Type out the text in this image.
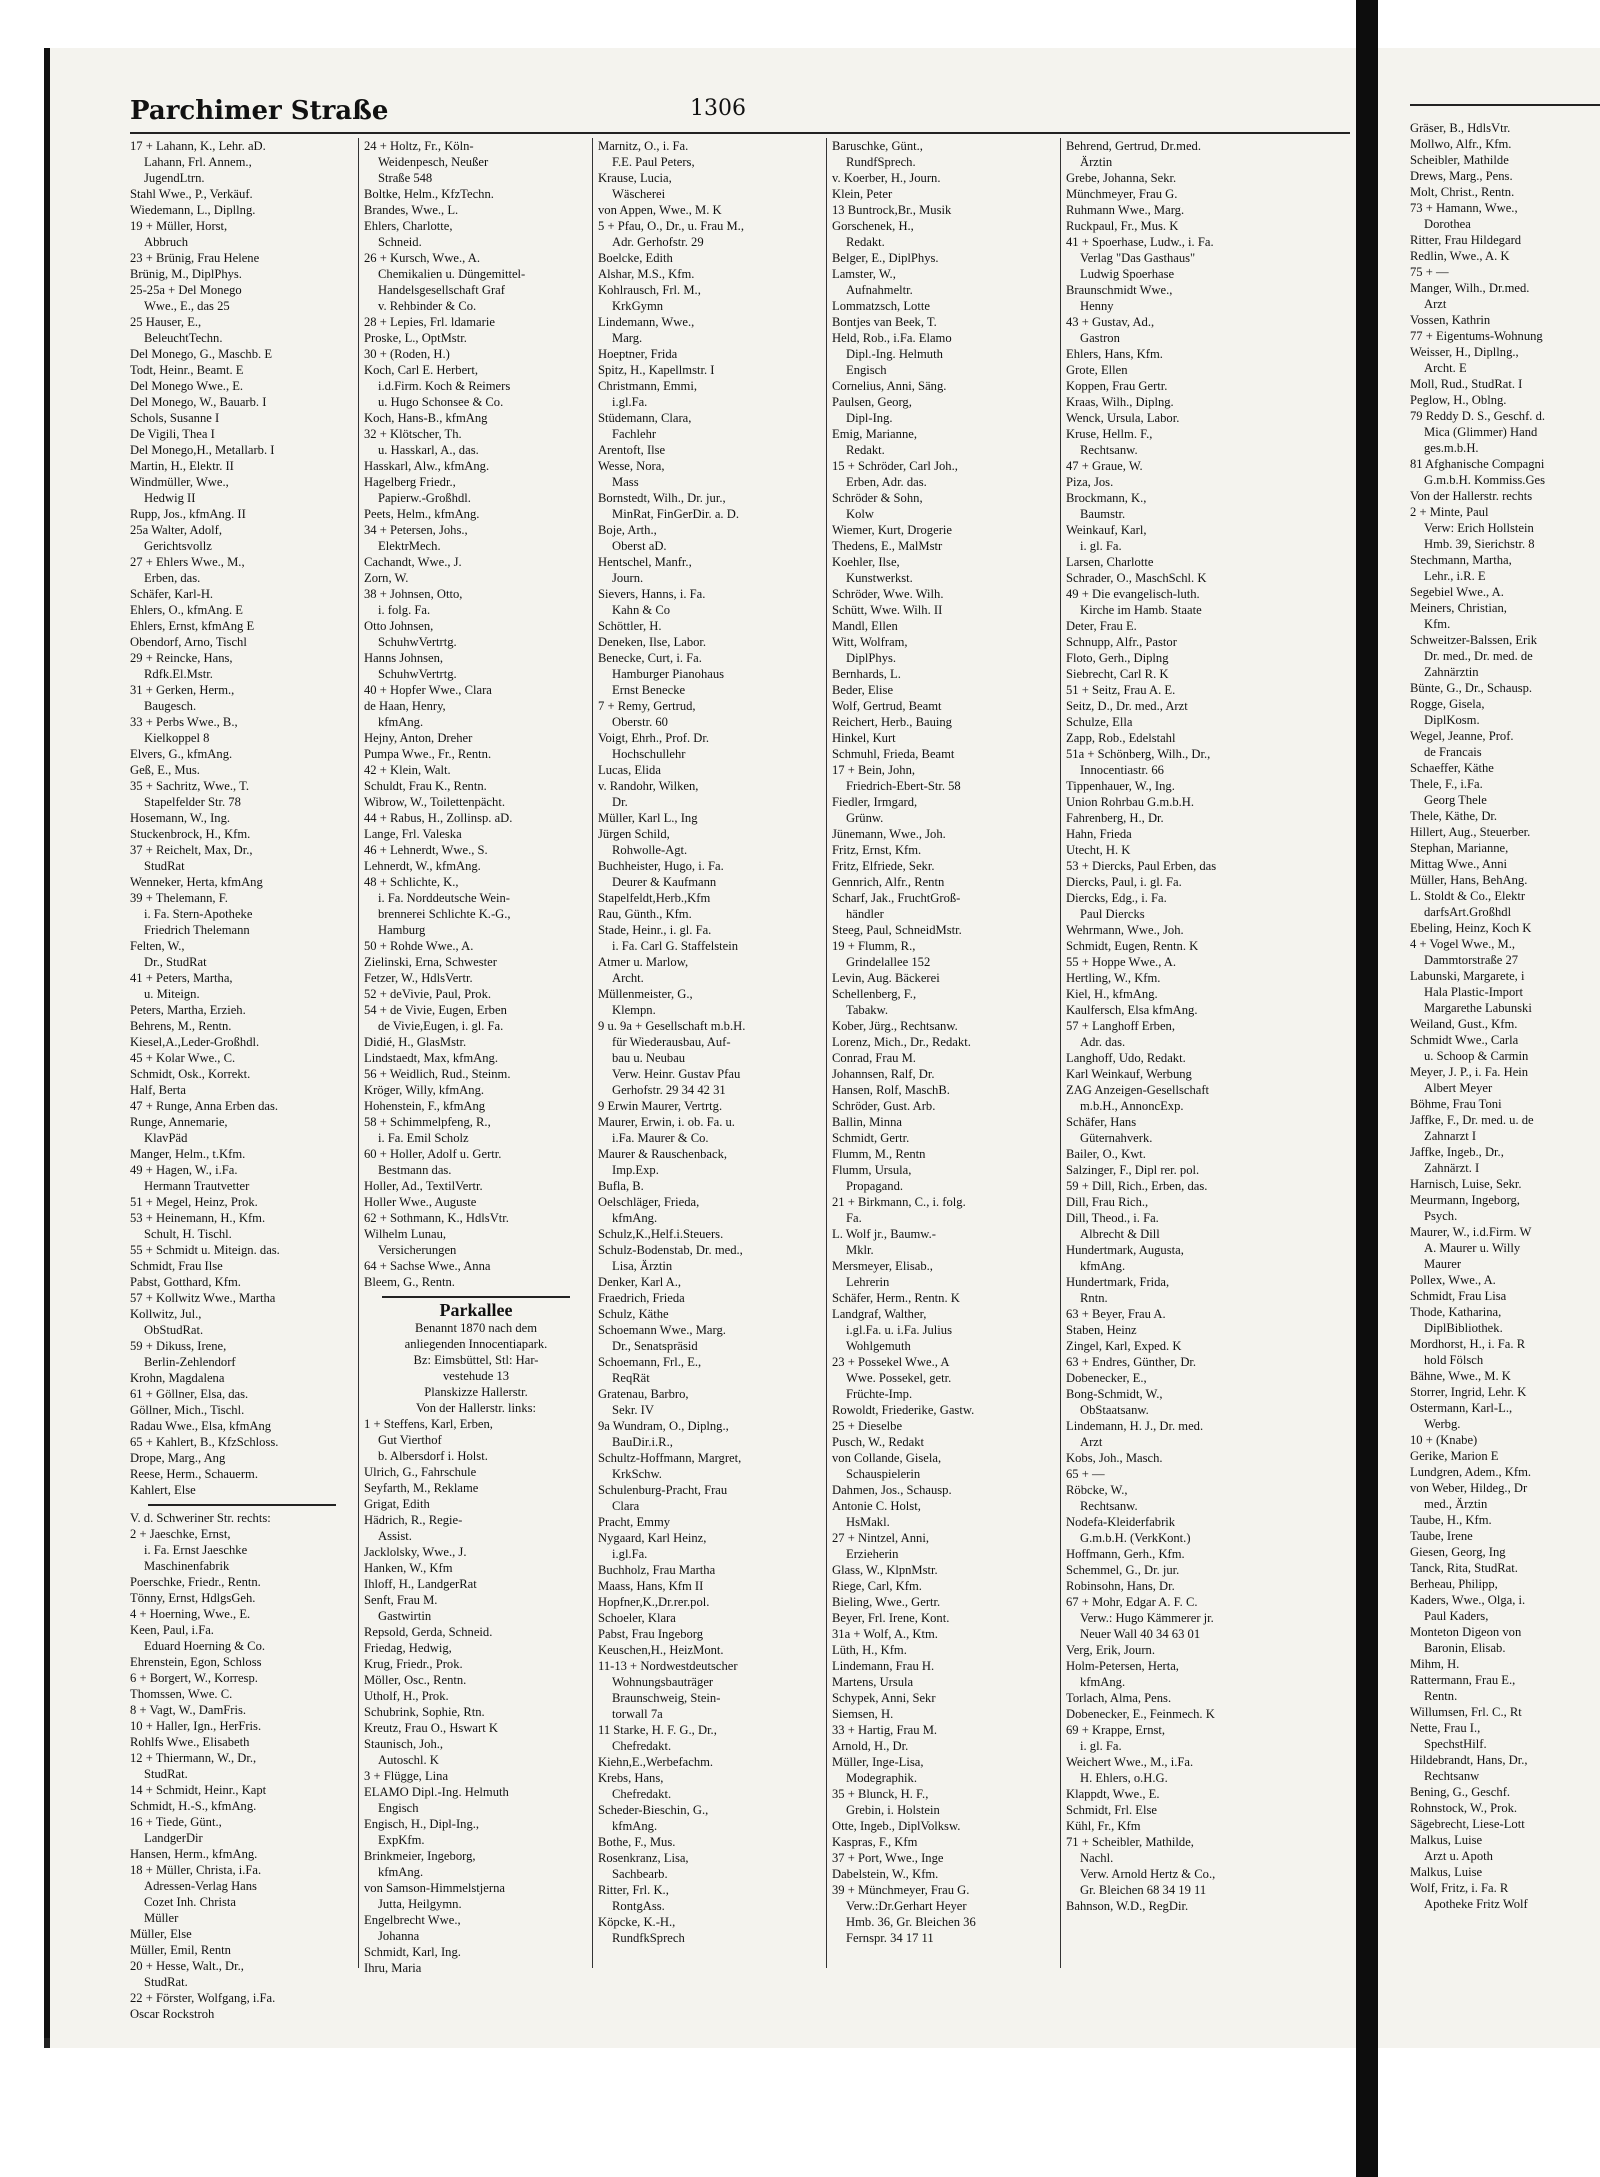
Parchimer Straße	1306
17 + Lahann, K., Lehr. aD.
Lahann, Frl. Annem.,
JugendLtrn.
Stahl Wwe., P., Verkäuf.
Wiedemann, L., Dipllng.
19 + Müller, Horst,
Abbruch
23 + Brünig, Frau Helene
Brünig, M., DiplPhys.
25-25a + Del Monego
Wwe., E., das 25
25 Hauser, E.,
BeleuchtTechn.
Del Monego, G., Maschb. E
Todt, Heinr., Beamt. E
Del Monego Wwe., E.
Del Monego, W., Bauarb. I
Schols, Susanne I
De Vigili, Thea I
Del Monego,H., Metallarb. I
Martin, H., Elektr. II
Windmüller, Wwe.,
Hedwig II
Rupp, Jos., kfmAng. II
25a Walter, Adolf,
Gerichtsvollz
27 + Ehlers Wwe., M.,
Erben, das.
Schäfer, Karl-H.
Ehlers, O., kfmAng. E
Ehlers, Ernst, kfmAng E
Obendorf, Arno, Tischl
29 + Reincke, Hans,
Rdfk.El.Mstr.
31 + Gerken, Herm.,
Baugesch.
33 + Perbs Wwe., B.,
Kielkoppel 8
Elvers, G., kfmAng.
Geß, E., Mus.
35 + Sachritz, Wwe., T.
Stapelfelder Str. 78
Hosemann, W., Ing.
Stuckenbrock, H., Kfm.
37 + Reichelt, Max, Dr.,
StudRat
Wenneker, Herta, kfmAng
39 + Thelemann, F.
i. Fa. Stern-Apotheke
Friedrich Thelemann
Felten, W.,
Dr., StudRat
41 + Peters, Martha,
u. Miteign.
Peters, Martha, Erzieh.
Behrens, M., Rentn.
Kiesel,A.,Leder-Großhdl.
45 + Kolar Wwe., C.
Schmidt, Osk., Korrekt.
Half, Berta
47 + Runge, Anna Erben das.
Runge, Annemarie,
KlavPäd
Manger, Helm., t.Kfm.
49 + Hagen, W., i.Fa.
Hermann Trautvetter
51 + Megel, Heinz, Prok.
53 + Heinemann, H., Kfm.
Schult, H. Tischl.
55 + Schmidt u. Miteign. das.
Schmidt, Frau Ilse
Pabst, Gotthard, Kfm.
57 + Kollwitz Wwe., Martha
Kollwitz, Jul.,
ObStudRat.
59 + Dikuss, Irene,
Berlin-Zehlendorf
Krohn, Magdalena
61 + Göllner, Elsa, das.
Göllner, Mich., Tischl.
Radau Wwe., Elsa, kfmAng
65 + Kahlert, B., KfzSchloss.
Drope, Marg., Ang
Reese, Herm., Schauerm.
Kahlert, Else
V. d. Schweriner Str. rechts:
2 + Jaeschke, Ernst,
i. Fa. Ernst Jaeschke
Maschinenfabrik
Poerschke, Friedr., Rentn.
Tönny, Ernst, HdlgsGeh.
4 + Hoerning, Wwe., E.
Keen, Paul, i.Fa.
Eduard Hoerning & Co.
Ehrenstein, Egon, Schloss
6 + Borgert, W., Korresp.
Thomssen, Wwe. C.
8 + Vagt, W., DamFris.
10 + Haller, Ign., HerFris.
Rohlfs Wwe., Elisabeth
12 + Thiermann, W., Dr.,
StudRat.
14 + Schmidt, Heinr., Kapt
Schmidt, H.-S., kfmAng.
16 + Tiede, Günt.,
LandgerDir
Hansen, Herm., kfmAng.
18 + Müller, Christa, i.Fa.
Adressen-Verlag Hans
Cozet Inh. Christa
Müller
Müller, Else
Müller, Emil, Rentn
20 + Hesse, Walt., Dr.,
StudRat.
22 + Förster, Wolfgang, i.Fa.
Oscar Rockstroh
24 + Holtz, Fr., Köln-
Weidenpesch, Neußer
Straße 548
Boltke, Helm., KfzTechn.
Brandes, Wwe., L.
Ehlers, Charlotte,
Schneid.
26 + Kursch, Wwe., A.
Chemikalien u. Düngemittel-
Handelsgesellschaft Graf
v. Rehbinder & Co.
28 + Lepies, Frl. ldamarie
Proske, L., OptMstr.
30 + (Roden, H.)
Koch, Carl E. Herbert,
i.d.Firm. Koch & Reimers
u. Hugo Schonsee & Co.
Koch, Hans-B., kfmAng
32 + Klötscher, Th.
u. Hasskarl, A., das.
Hasskarl, Alw., kfmAng.
Hagelberg Friedr.,
Papierw.-Großhdl.
Peets, Helm., kfmAng.
34 + Petersen, Johs.,
ElektrMech.
Cachandt, Wwe., J.
Zorn, W.
38 + Johnsen, Otto,
i. folg. Fa.
Otto Johnsen,
SchuhwVertrtg.
Hanns Johnsen,
SchuhwVertrtg.
40 + Hopfer Wwe., Clara
de Haan, Henry,
kfmAng.
Hejny, Anton, Dreher
Pumpa Wwe., Fr., Rentn.
42 + Klein, Walt.
Schuldt, Frau K., Rentn.
Wibrow, W., Toilettenpächt.
44 + Rabus, H., Zollinsp. aD.
Lange, Frl. Valeska
46 + Lehnerdt, Wwe., S.
Lehnerdt, W., kfmAng.
48 + Schlichte, K.,
i. Fa. Norddeutsche Wein-
brennerei Schlichte K.-G.,
Hamburg
50 + Rohde Wwe., A.
Zielinski, Erna, Schwester
Fetzer, W., HdlsVertr.
52 + deVivie, Paul, Prok.
54 + de Vivie, Eugen, Erben
de Vivie,Eugen, i. gl. Fa.
Didié, H., GlasMstr.
Lindstaedt, Max, kfmAng.
56 + Weidlich, Rud., Steinm.
Kröger, Willy, kfmAng.
Hohenstein, F., kfmAng
58 + Schimmelpfeng, R.,
i. Fa. Emil Scholz
60 + Holler, Adolf u. Gertr.
Bestmann das.
Holler, Ad., TextilVertr.
Holler Wwe., Auguste
62 + Sothmann, K., HdlsVtr.
Wilhelm Lunau,
Versicherungen
64 + Sachse Wwe., Anna
Bleem, G., Rentn.
Parkallee
Benannt 1870 nach dem
anliegenden Innocentiapark.
Bz: Eimsbüttel, Stl: Har-
vestehude 13
Planskizze Hallerstr.
Von der Hallerstr. links:
1 + Steffens, Karl, Erben,
Gut Vierthof
b. Albersdorf i. Holst.
Ulrich, G., Fahrschule
Seyfarth, M., Reklame
Grigat, Edith
Hädrich, R., Regie-
Assist.
Jacklolsky, Wwe., J.
Hanken, W., Kfm
Ihloff, H., LandgerRat
Senft, Frau M.
Gastwirtin
Repsold, Gerda, Schneid.
Friedag, Hedwig,
Krug, Friedr., Prok.
Möller, Osc., Rentn.
Utholf, H., Prok.
Schubrink, Sophie, Rtn.
Kreutz, Frau O., Hswart K
Staunisch, Joh.,
Autoschl. K
3 + Flügge, Lina
ELAMO Dipl.-Ing. Helmuth
Engisch
Engisch, H., Dipl-Ing.,
ExpKfm.
Brinkmeier, Ingeborg,
kfmAng.
von Samson-Himmelstjerna
Jutta, Heilgymn.
Engelbrecht Wwe.,
Johanna
Schmidt, Karl, Ing.
Ihru, Maria
Marnitz, O., i. Fa.
F.E. Paul Peters,
Krause, Lucia,
Wäscherei
von Appen, Wwe., M. K
5 + Pfau, O., Dr., u. Frau M.,
Adr. Gerhofstr. 29
Boelcke, Edith
Alshar, M.S., Kfm.
Kohlrausch, Frl. M.,
KrkGymn
Lindemann, Wwe.,
Marg.
Hoeptner, Frida
Spitz, H., Kapellmstr. I
Christmann, Emmi,
i.gl.Fa.
Stüdemann, Clara,
Fachlehr
Arentoft, Ilse
Wesse, Nora,
Mass
Bornstedt, Wilh., Dr. jur.,
MinRat, FinGerDir. a. D.
Boje, Arth.,
Oberst aD.
Hentschel, Manfr.,
Journ.
Sievers, Hanns, i. Fa.
Kahn & Co
Schöttler, H.
Deneken, Ilse, Labor.
Benecke, Curt, i. Fa.
Hamburger Pianohaus
Ernst Benecke
7 + Remy, Gertrud,
Oberstr. 60
Voigt, Ehrh., Prof. Dr.
Hochschullehr
Lucas, Elida
v. Randohr, Wilken,
Dr.
Müller, Karl L., Ing
Jürgen Schild,
Rohwolle-Agt.
Buchheister, Hugo, i. Fa.
Deurer & Kaufmann
Stapelfeldt,Herb.,Kfm
Rau, Günth., Kfm.
Stade, Heinr., i. gl. Fa.
i. Fa. Carl G. Staffelstein
Atmer u. Marlow,
Archt.
Müllenmeister, G.,
Klempn.
9 u. 9a + Gesellschaft m.b.H.
für Wiederausbau, Auf-
bau u. Neubau
Verw. Heinr. Gustav Pfau
Gerhofstr. 29 34 42 31
9 Erwin Maurer, Vertrtg.
Maurer, Erwin, i. ob. Fa. u.
i.Fa. Maurer & Co.
Maurer & Rauschenback,
Imp.Exp.
Bufla, B.
Oelschläger, Frieda,
kfmAng.
Schulz,K.,Helf.i.Steuers.
Schulz-Bodenstab, Dr. med.,
Lisa, Ärztin
Denker, Karl A.,
Fraedrich, Frieda
Schulz, Käthe
Schoemann Wwe., Marg.
Dr., Senatspräsid
Schoemann, Frl., E.,
ReqRät
Gratenau, Barbro,
Sekr. IV
9a Wundram, O., Diplng.,
BauDir.i.R.,
Schultz-Hoffmann, Margret,
KrkSchw.
Schulenburg-Pracht, Frau
Clara
Pracht, Emmy
Nygaard, Karl Heinz,
i.gl.Fa.
Buchholz, Frau Martha
Maass, Hans, Kfm II
Hopfner,K.,Dr.rer.pol.
Schoeler, Klara
Pabst, Frau Ingeborg
Keuschen,H., HeizMont.
11-13 + Nordwestdeutscher
Wohnungsbauträger
Braunschweig, Stein-
torwall 7a
11 Starke, H. F. G., Dr.,
Chefredakt.
Kiehn,E.,Werbefachm.
Krebs, Hans,
Chefredakt.
Scheder-Bieschin, G.,
kfmAng.
Bothe, F., Mus.
Rosenkranz, Lisa,
Sachbearb.
Ritter, Frl. K.,
RontgAss.
Köpcke, K.-H.,
RundfkSprech
Baruschke, Günt.,
RundfSprech.
v. Koerber, H., Journ.
Klein, Peter
13 Buntrock,Br., Musik
Gorschenek, H.,
Redakt.
Belger, E., DiplPhys.
Lamster, W.,
Aufnahmeltr.
Lommatzsch, Lotte
Bontjes van Beek, T.
Held, Rob., i.Fa. Elamo
Dipl.-Ing. Helmuth
Engisch
Cornelius, Anni, Säng.
Paulsen, Georg,
Dipl-Ing.
Emig, Marianne,
Redakt.
15 + Schröder, Carl Joh.,
Erben, Adr. das.
Schröder & Sohn,
Kolw
Wiemer, Kurt, Drogerie
Thedens, E., MalMstr
Koehler, Ilse,
Kunstwerkst.
Schröder, Wwe. Wilh.
Schütt, Wwe. Wilh. II
Mandl, Ellen
Witt, Wolfram,
DiplPhys.
Bernhards, L.
Beder, Elise
Wolf, Gertrud, Beamt
Reichert, Herb., Bauing
Hinkel, Kurt
Schmuhl, Frieda, Beamt
17 + Bein, John,
Friedrich-Ebert-Str. 58
Fiedler, Irmgard,
Grünw.
Jünemann, Wwe., Joh.
Fritz, Ernst, Kfm.
Fritz, Elfriede, Sekr.
Gennrich, Alfr., Rentn
Scharf, Jak., FruchtGroß-
händler
Steeg, Paul, SchneidMstr.
19 + Flumm, R.,
Grindelallee 152
Levin, Aug. Bäckerei
Schellenberg, F.,
Tabakw.
Kober, Jürg., Rechtsanw.
Lorenz, Mich., Dr., Redakt.
Conrad, Frau M.
Johannsen, Ralf, Dr.
Hansen, Rolf, MaschB.
Schröder, Gust. Arb.
Ballin, Minna
Schmidt, Gertr.
Flumm, M., Rentn
Flumm, Ursula,
Propagand.
21 + Birkmann, C., i. folg.
Fa.
L. Wolf jr., Baumw.-
Mklr.
Mersmeyer, Elisab.,
Lehrerin
Schäfer, Herm., Rentn. K
Landgraf, Walther,
i.gl.Fa. u. i.Fa. Julius
Wohlgemuth
23 + Possekel Wwe., A
Wwe. Possekel, getr.
Früchte-Imp.
Rowoldt, Friederike, Gastw.
25 + Dieselbe
Pusch, W., Redakt
von Collande, Gisela,
Schauspielerin
Dahmen, Jos., Schausp.
Antonie C. Holst,
HsMakl.
27 + Nintzel, Anni,
Erzieherin
Glass, W., KlpnMstr.
Riege, Carl, Kfm.
Bieling, Wwe., Gertr.
Beyer, Frl. Irene, Kont.
31a + Wolf, A., Ktm.
Lüth, H., Kfm.
Lindemann, Frau H.
Martens, Ursula
Schypek, Anni, Sekr
Siemsen, H.
33 + Hartig, Frau M.
Arnold, H., Dr.
Müller, Inge-Lisa,
Modegraphik.
35 + Blunck, H. F.,
Grebin, i. Holstein
Otte, Ingeb., DiplVolksw.
Kaspras, F., Kfm
37 + Port, Wwe., Inge
Dabelstein, W., Kfm.
39 + Münchmeyer, Frau G.
Verw.:Dr.Gerhart Heyer
Hmb. 36, Gr. Bleichen 36
Fernspr. 34 17 11
Behrend, Gertrud, Dr.med.
Ärztin
Grebe, Johanna, Sekr.
Münchmeyer, Frau G.
Ruhmann Wwe., Marg.
Ruckpaul, Fr., Mus. K
41 + Spoerhase, Ludw., i. Fa.
Verlag "Das Gasthaus"
Ludwig Spoerhase
Braunschmidt Wwe.,
Henny
43 + Gustav, Ad.,
Gastron
Ehlers, Hans, Kfm.
Grote, Ellen
Koppen, Frau Gertr.
Kraas, Wilh., Diplng.
Wenck, Ursula, Labor.
Kruse, Hellm. F.,
Rechtsanw.
47 + Graue, W.
Piza, Jos.
Brockmann, K.,
Baumstr.
Weinkauf, Karl,
i. gl. Fa.
Larsen, Charlotte
Schrader, O., MaschSchl. K
49 + Die evangelisch-luth.
Kirche im Hamb. Staate
Deter, Frau E.
Schnupp, Alfr., Pastor
Floto, Gerh., Diplng
Siebrecht, Carl R. K
51 + Seitz, Frau A. E.
Seitz, D., Dr. med., Arzt
Schulze, Ella
Zapp, Rob., Edelstahl
51a + Schönberg, Wilh., Dr.,
Innocentiastr. 66
Tippenhauer, W., Ing.
Union Rohrbau G.m.b.H.
Fahrenberg, H., Dr.
Hahn, Frieda
Utecht, H. K
53 + Diercks, Paul Erben, das
Diercks, Paul, i. gl. Fa.
Diercks, Edg., i. Fa.
Paul Diercks
Wehrmann, Wwe., Joh.
Schmidt, Eugen, Rentn. K
55 + Hoppe Wwe., A.
Hertling, W., Kfm.
Kiel, H., kfmAng.
Kaulfersch, Elsa kfmAng.
57 + Langhoff Erben,
Adr. das.
Langhoff, Udo, Redakt.
Karl Weinkauf, Werbung
ZAG Anzeigen-Gesellschaft
m.b.H., AnnoncExp.
Schäfer, Hans
Güternahverk.
Bailer, O., Kwt.
Salzinger, F., Dipl rer. pol.
59 + Dill, Rich., Erben, das.
Dill, Frau Rich.,
Dill, Theod., i. Fa.
Albrecht & Dill
Hundertmark, Augusta,
kfmAng.
Hundertmark, Frida,
Rntn.
63 + Beyer, Frau A.
Staben, Heinz
Zingel, Karl, Exped. K
63 + Endres, Günther, Dr.
Dobenecker, E.,
Bong-Schmidt, W.,
ObStaatsanw.
Lindemann, H. J., Dr. med.
Arzt
Kobs, Joh., Masch.
65 + —
Röbcke, W.,
Rechtsanw.
Nodefa-Kleiderfabrik
G.m.b.H. (VerkKont.)
Hoffmann, Gerh., Kfm.
Schemmel, G., Dr. jur.
Robinsohn, Hans, Dr.
67 + Mohr, Edgar A. F. C.
Verw.: Hugo Kämmerer jr.
Neuer Wall 40 34 63 01
Verg, Erik, Journ.
Holm-Petersen, Herta,
kfmAng.
Torlach, Alma, Pens.
Dobenecker, E., Feinmech. K
69 + Krappe, Ernst,
i. gl. Fa.
Weichert Wwe., M., i.Fa.
H. Ehlers, o.H.G.
Klappdt, Wwe., E.
Schmidt, Frl. Else
Kühl, Fr., Kfm
71 + Scheibler, Mathilde,
Nachl.
Verw. Arnold Hertz & Co.,
Gr. Bleichen 68 34 19 11
Bahnson, W.D., RegDir.
Gräser, B., HdlsVtr.
Mollwo, Alfr., Kfm.
Scheibler, Mathilde
Drews, Marg., Pens.
Molt, Christ., Rentn.
73 + Hamann, Wwe.,
Dorothea
Ritter, Frau Hildegard
Redlin, Wwe., A. K
75 + —
Manger, Wilh., Dr.med.
Arzt
Vossen, Kathrin
77 + Eigentums-Wohnung
Weisser, H., Dipllng.,
Archt. E
Moll, Rud., StudRat. I
Peglow, H., Oblng.
79 Reddy D. S., Geschf. d.
Mica (Glimmer) Hand
ges.m.b.H.
81 Afghanische Compagni
G.m.b.H. Kommiss.Ges
Von der Hallerstr. rechts
2 + Minte, Paul
Verw: Erich Hollstein
Hmb. 39, Sierichstr. 8
Stechmann, Martha,
Lehr., i.R. E
Segebiel Wwe., A.
Meiners, Christian,
Kfm.
Schweitzer-Balssen, Erik
Dr. med., Dr. med. de
Zahnärztin
Bünte, G., Dr., Schausp.
Rogge, Gisela,
DiplKosm.
Wegel, Jeanne, Prof.
de Francais
Schaeffer, Käthe
Thele, F., i.Fa.
Georg Thele
Thele, Käthe, Dr.
Hillert, Aug., Steuerber.
Stephan, Marianne,
Mittag Wwe., Anni
Müller, Hans, BehAng.
L. Stoldt & Co., Elektr
darfsArt.Großhdl
Ebeling, Heinz, Koch K
4 + Vogel Wwe., M.,
Dammtorstraße 27
Labunski, Margarete, i
Hala Plastic-Import
Margarethe Labunski
Weiland, Gust., Kfm.
Schmidt Wwe., Carla
u. Schoop & Carmin
Meyer, J. P., i. Fa. Hein
Albert Meyer
Böhme, Frau Toni
Jaffke, F., Dr. med. u. de
Zahnarzt I
Jaffke, Ingeb., Dr.,
Zahnärzt. I
Harnisch, Luise, Sekr.
Meurmann, Ingeborg,
Psych.
Maurer, W., i.d.Firm. W
A. Maurer u. Willy
Maurer
Pollex, Wwe., A.
Schmidt, Frau Lisa
Thode, Katharina,
DiplBibliothek.
Mordhorst, H., i. Fa. R
hold Fölsch
Bähne, Wwe., M. K
Storrer, Ingrid, Lehr. K
Ostermann, Karl-L.,
Werbg.
10 + (Knabe)
Gerike, Marion E
Lundgren, Adem., Kfm.
von Weber, Hildeg., Dr
med., Ärztin
Taube, H., Kfm.
Taube, Irene
Giesen, Georg, Ing
Tanck, Rita, StudRat.
Berheau, Philipp,
Kaders, Wwe., Olga, i.
Paul Kaders,
Monteton Digeon von
Baronin, Elisab.
Mihm, H.
Rattermann, Frau E.,
Rentn.
Willumsen, Frl. C., Rt
Nette, Frau I.,
SpechstHilf.
Hildebrandt, Hans, Dr.,
Rechtsanw
Bening, G., Geschf.
Rohnstock, W., Prok.
Sägebrecht, Liese-Lott
Malkus, Luise
Arzt u. Apoth
Malkus, Luise
Wolf, Fritz, i. Fa. R
Apotheke Fritz Wolf
